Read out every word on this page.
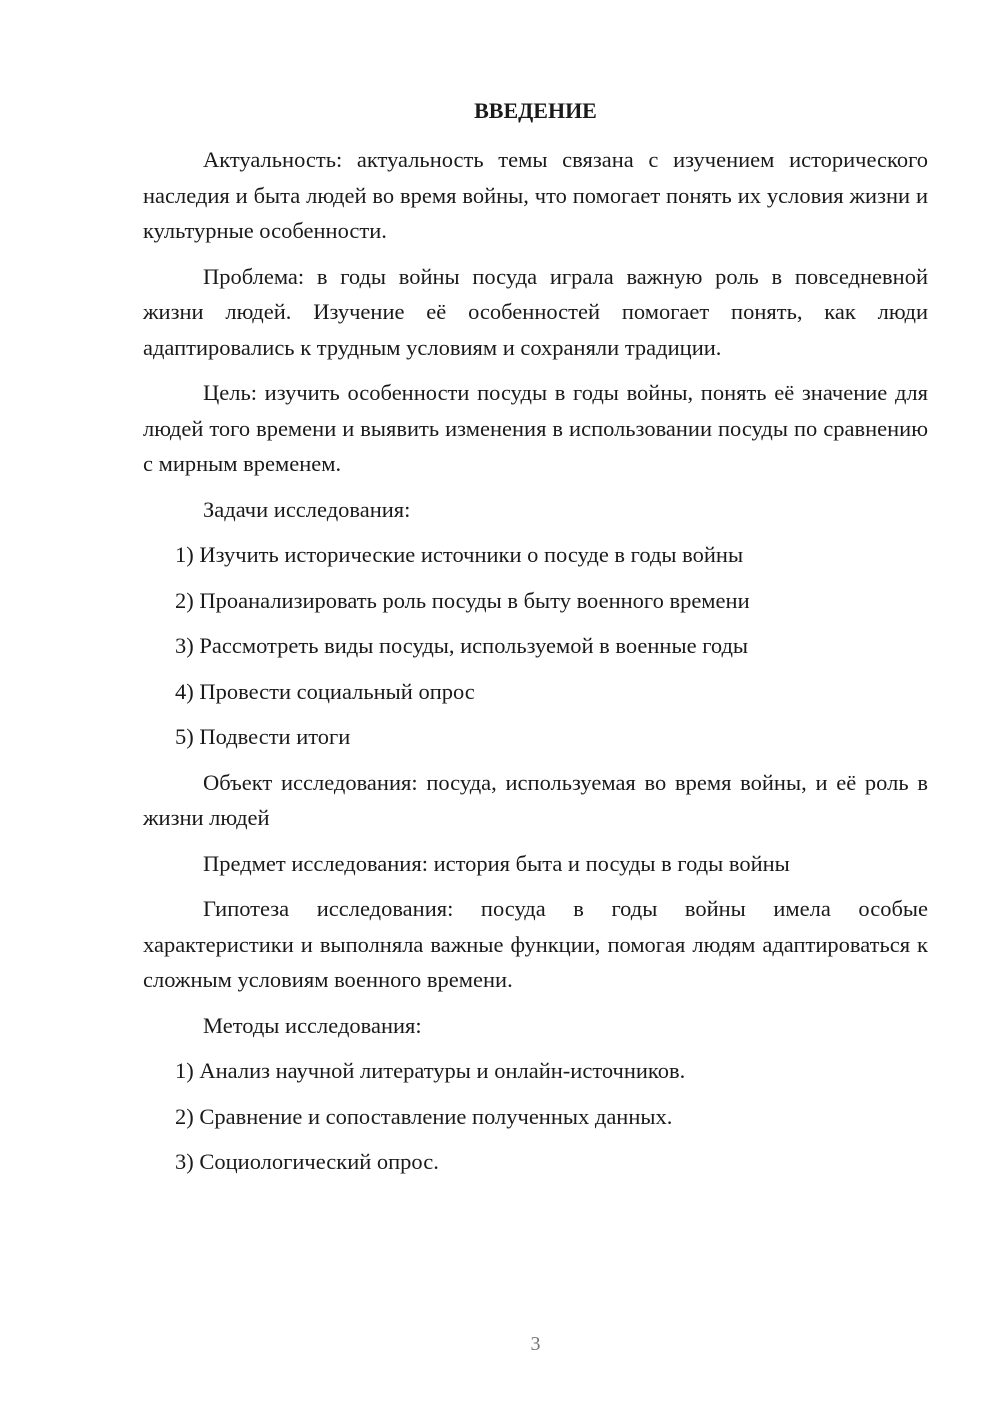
ВВЕДЕНИЕ

Актуальность: актуальность темы связана с изучением исторического наследия и быта людей во время войны, что помогает понять их условия жизни и культурные особенности.

Проблема: в годы войны посуда играла важную роль в повседневной жизни людей. Изучение её особенностей помогает понять, как люди адаптировались к трудным условиям и сохраняли традиции.

Цель: изучить особенности посуды в годы войны, понять её значение для людей того времени и выявить изменения в использовании посуды по сравнению с мирным временем.

Задачи исследования:

1) Изучить исторические источники о посуде в годы войны

2) Проанализировать роль посуды в быту военного времени

3) Рассмотреть виды посуды, используемой в военные годы

4) Провести социальный опрос

5) Подвести итоги

Объект исследования: посуда, используемая во время войны, и её роль в жизни людей

Предмет исследования: история быта и посуды в годы войны

Гипотеза исследования: посуда в годы войны имела особые характеристики и выполняла важные функции, помогая людям адаптироваться к сложным условиям военного времени.

Методы исследования:

1) Анализ научной литературы и онлайн-источников.

2) Сравнение и сопоставление полученных данных.

3) Социологический опрос.

3
